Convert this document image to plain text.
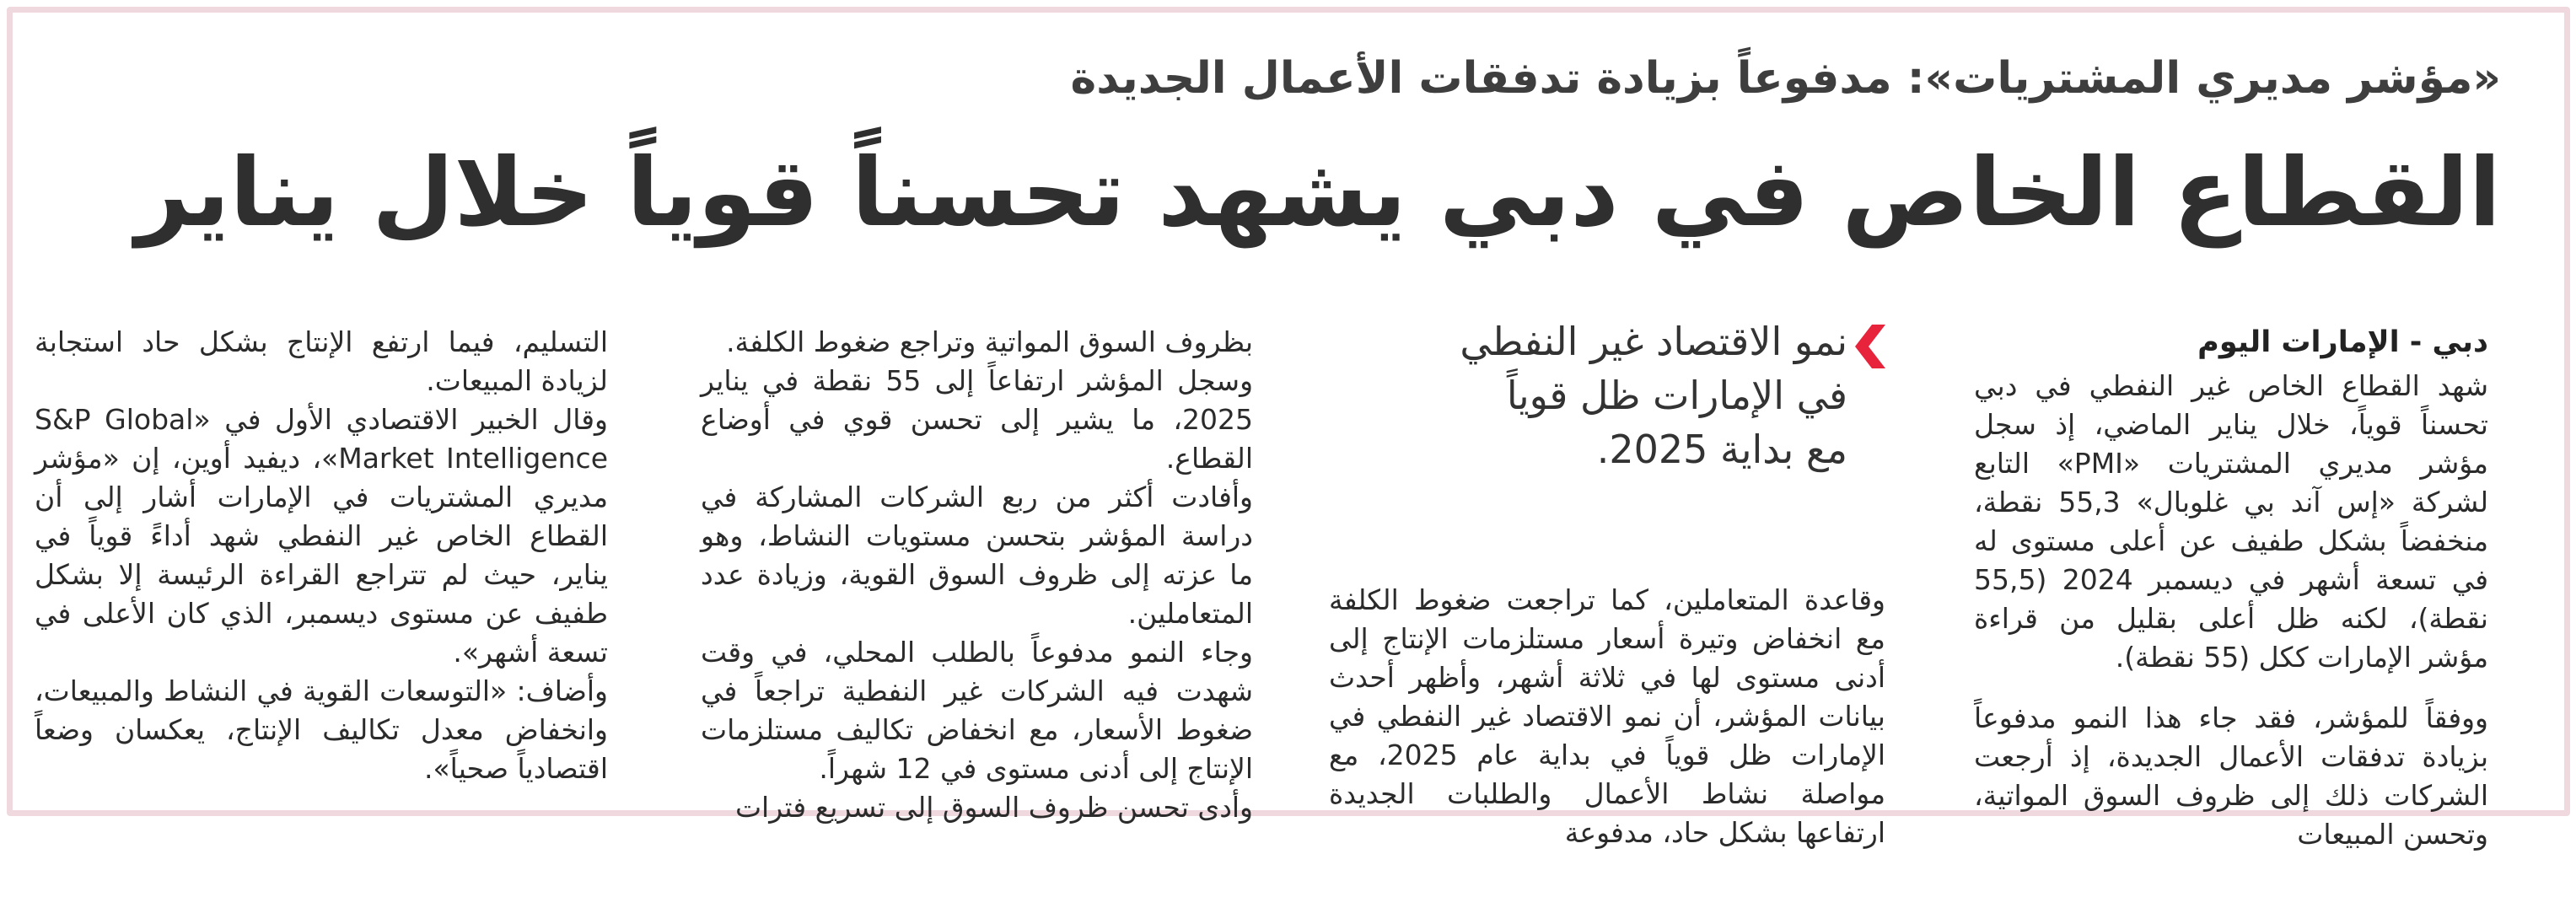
«مؤشر مديري المشتريات»: مدفوعاً بزيادة تدفقات الأعمال الجديدة
القطاع الخاص في دبي يشهد تحسناً قوياً خلال يناير
دبي - الإمارات اليوم

شهد القطاع الخاص غير النفطي في دبي تحسناً قوياً، خلال يناير الماضي، إذ سجل مؤشر مديري المشتريات «PMI» التابع لشركة «إس آند بي غلوبال» 55,3 نقطة، منخفضاً بشكل طفيف عن أعلى مستوى له في تسعة أشهر في ديسمبر 2024 (55,5 نقطة)، لكنه ظل أعلى بقليل من قراءة مؤشر الإمارات ككل (55 نقطة).

ووفقاً للمؤشر، فقد جاء هذا النمو مدفوعاً بزيادة تدفقات الأعمال الجديدة، إذ أرجعت الشركات ذلك إلى ظروف السوق المواتية، وتحسن المبيعات

نمو الاقتصاد غير النفطي
في الإمارات ظل قوياً
مع بداية 2025.

وقاعدة المتعاملين، كما تراجعت ضغوط الكلفة مع انخفاض وتيرة أسعار مستلزمات الإنتاج إلى أدنى مستوى لها في ثلاثة أشهر، وأظهر أحدث بيانات المؤشر، أن نمو الاقتصاد غير النفطي في الإمارات ظل قوياً في بداية عام 2025، مع مواصلة نشاط الأعمال والطلبات الجديدة ارتفاعها بشكل حاد، مدفوعة

بظروف السوق المواتية وتراجع ضغوط الكلفة.

وسجل المؤشر ارتفاعاً إلى 55 نقطة في يناير 2025، ما يشير إلى تحسن قوي في أوضاع القطاع.

وأفادت أكثر من ربع الشركات المشاركة في دراسة المؤشر بتحسن مستويات النشاط، وهو ما عزته إلى ظروف السوق القوية، وزيادة عدد المتعاملين.

وجاء النمو مدفوعاً بالطلب المحلي، في وقت شهدت فيه الشركات غير النفطية تراجعاً في ضغوط الأسعار، مع انخفاض تكاليف مستلزمات الإنتاج إلى أدنى مستوى في 12 شهراً.

وأدى تحسن ظروف السوق إلى تسريع فترات

التسليم، فيما ارتفع الإنتاج بشكل حاد استجابة لزيادة المبيعات.

وقال الخبير الاقتصادي الأول في «S&P Global Market Intelligence»، ديفيد أوين، إن «مؤشر مديري المشتريات في الإمارات أشار إلى أن القطاع الخاص غير النفطي شهد أداءً قوياً في يناير، حيث لم تتراجع القراءة الرئيسة إلا بشكل طفيف عن مستوى ديسمبر، الذي كان الأعلى في تسعة أشهر».

وأضاف: «التوسعات القوية في النشاط والمبيعات، وانخفاض معدل تكاليف الإنتاج، يعكسان وضعاً اقتصادياً صحياً».
